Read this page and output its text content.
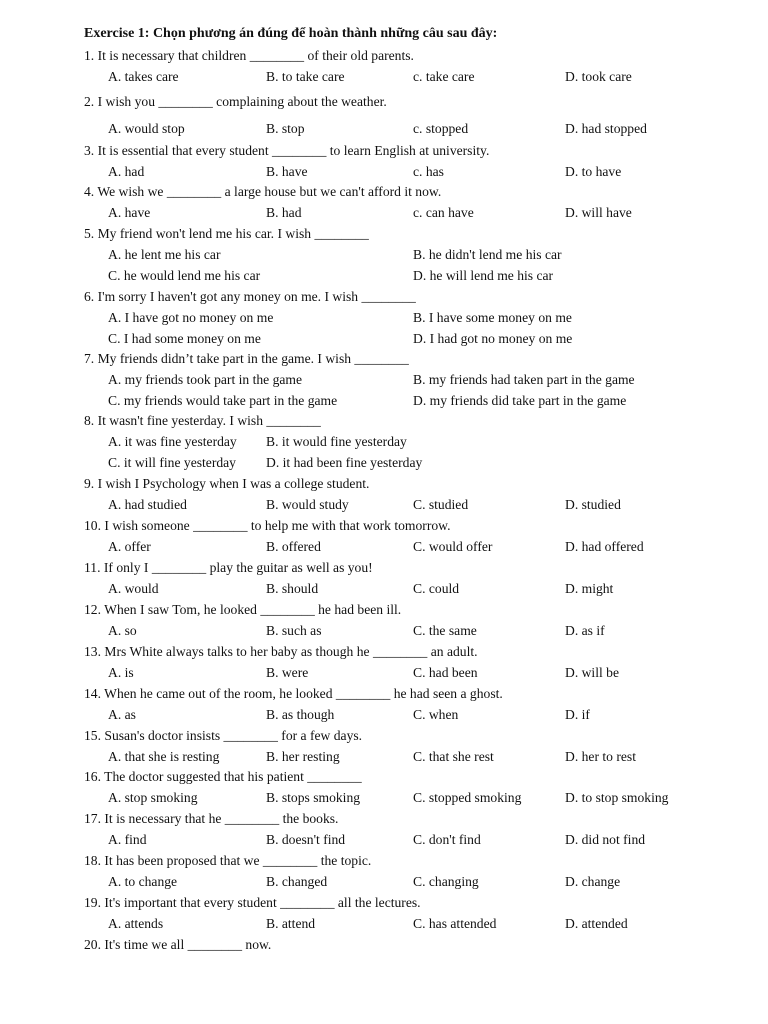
Exercise 1: Chọn phương án đúng để hoàn thành những câu sau đây:
1. It is necessary that children ________ of their old parents.
A. takes care	B. to take care	c. take care	D. took care
2. I wish you ________ complaining about the weather.
A. would stop	B. stop	c. stopped	D. had stopped
3. It is essential that every student ________ to learn English at university.
A. had	B. have	c. has	D. to have
4. We wish we ________ a large house but we can't afford it now.
A. have	B. had	c. can have	D. will have
5. My friend won't lend me his car. I wish ________
A. he lent me his car	B. he didn't lend me his car
C. he would lend me his car	D. he will lend me his car
6. I'm sorry I haven't got any money on me. I wish ________
A. I have got no money on me	B. I have some money on me
C. I had some money on me	D. I had got no money on me
7. My friends didn’t take part in the game. I wish ________
A. my friends took part in the game	B. my friends had taken part in the game
C. my friends would take part in the game	D. my friends did take part in the game
8. It wasn't fine yesterday. I wish ________
A. it was fine yesterday B. it would fine yesterday
C. it will fine yesterday D. it had been fine yesterday
9. I wish I Psychology when I was a college student.
A. had studied	B. would study	C. studied	D. studied
10. I wish someone ________ to help me with that work tomorrow.
A. offer	B. offered	C. would offer	D. had offered
11. If only I ________ play the guitar as well as you!
A. would	B. should	C. could	D. might
12. When I saw Tom, he looked ________ he had been ill.
A. so	B. such as	C. the same	D. as if
13. Mrs White always talks to her baby as though he ________ an adult.
A. is	B. were	C. had been	D. will be
14. When he came out of the room, he looked ________ he had seen a ghost.
A. as	B. as though	C. when	D. if
15. Susan's doctor insists ________ for a few days.
A. that she is resting	B. her resting	C. that she rest	D. her to rest
16. The doctor suggested that his patient ________
A. stop smoking	B. stops smoking	C. stopped smoking	D. to stop smoking
17. It is necessary that he ________ the books.
A. find	B. doesn't find	C. don't find	D. did not find
18. It has been proposed that we ________ the topic.
A. to change	B. changed	C. changing	D. change
19. It's important that every student ________ all the lectures.
A. attends	B. attend	C. has attended	D. attended
20. It's time we all ________ now.
